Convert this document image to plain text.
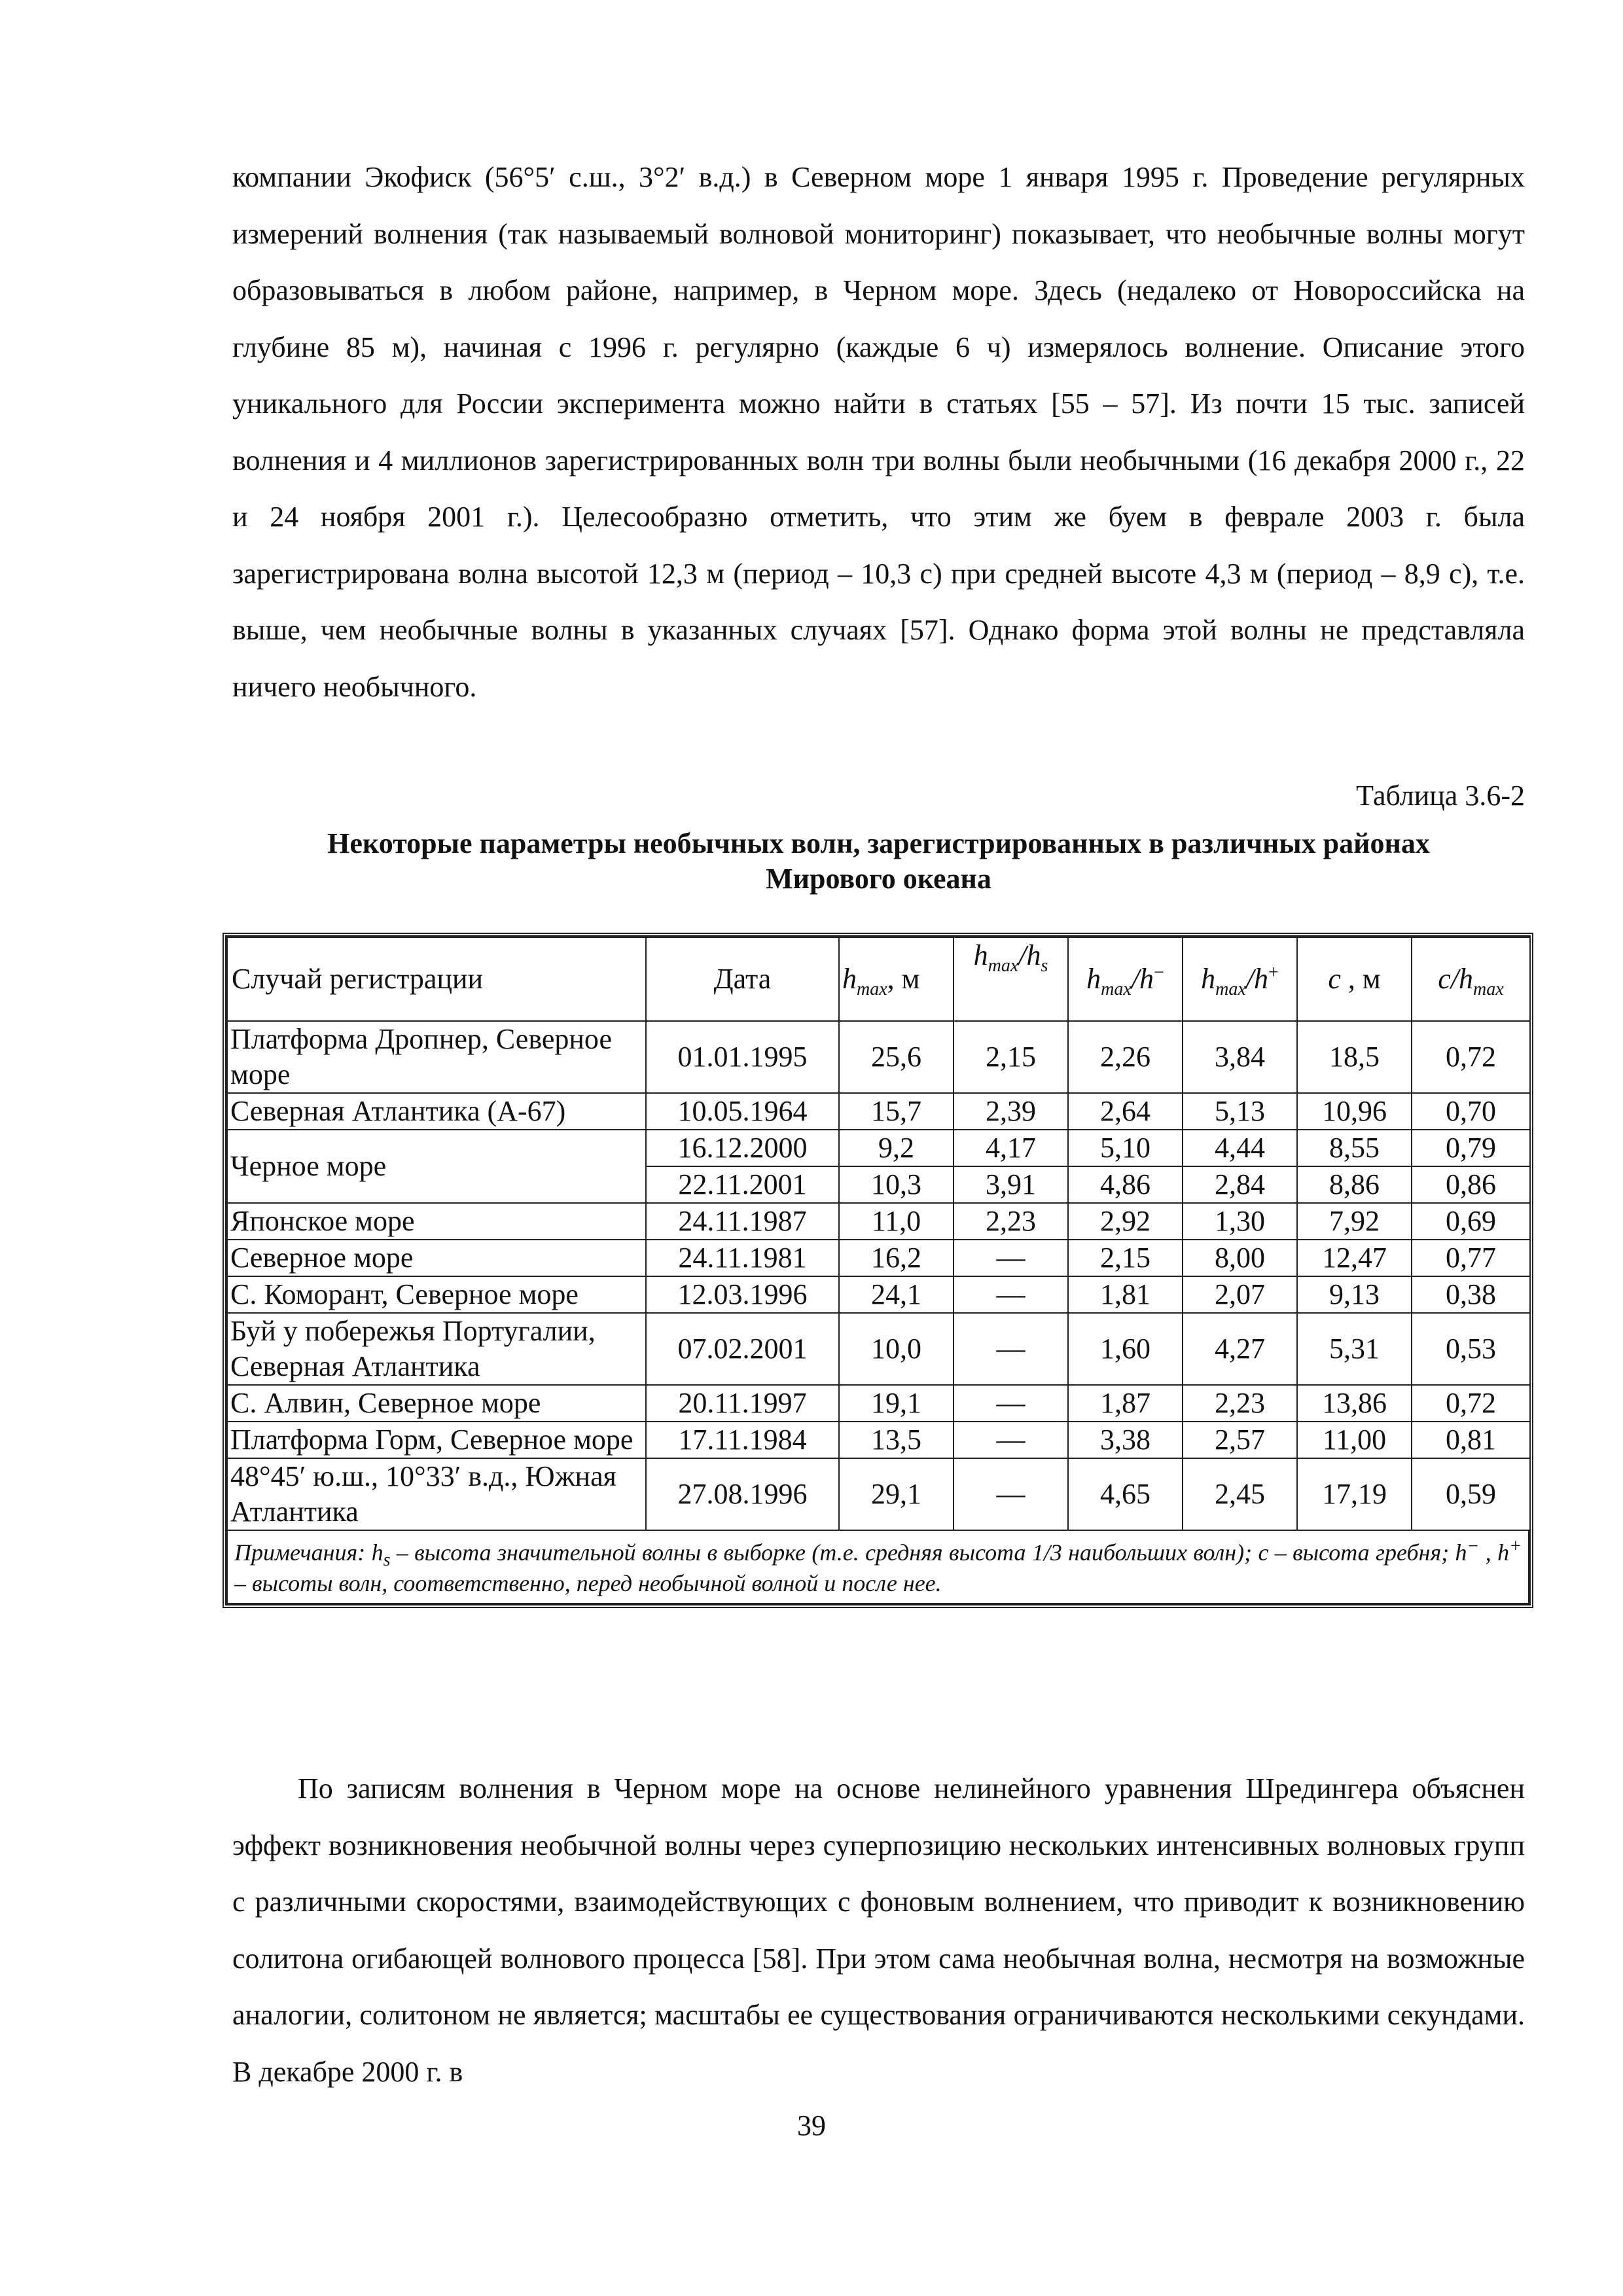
компании Экофиск (56°5′ с.ш., 3°2′ в.д.) в Северном море 1 января 1995 г. Проведение регулярных измерений волнения (так называемый волновой мониторинг) показывает, что необычные волны могут образовываться в любом районе, например, в Черном море. Здесь (недалеко от Новороссийска на глубине 85 м), начиная с 1996 г. регулярно (каждые 6 ч) измерялось волнение. Описание этого уникального для России эксперимента можно найти в статьях [55 – 57]. Из почти 15 тыс. записей волнения и 4 миллионов зарегистрированных волн три волны были необычными (16 декабря 2000 г., 22 и 24 ноября 2001 г.). Целесообразно отметить, что этим же буем в феврале 2003 г. была зарегистрирована волна высотой 12,3 м (период – 10,3 с) при средней высоте 4,3 м (период – 8,9 с), т.е. выше, чем необычные волны в указанных случаях [57]. Однако форма этой волны не представляла ничего необычного.

Таблица 3.6-2
Некоторые параметры необычных волн, зарегистрированных в различных районах
Мирового океана
Случай регистрации	Дата	$h_{max}$, м	$h_{max}/h_s$	$h_{max}/h^-$	$h_{max}/h^+$	c , м	$c/h_{max}$
Платформа Дропнер, Северное море	01.01.1995	25,6	2,15	2,26	3,84	18,5	0,72
Северная Атлантика (А-67)	10.05.1964	15,7	2,39	2,64	5,13	10,96	0,70
Черное море	16.12.2000	9,2	4,17	5,10	4,44	8,55	0,79
	22.11.2001	10,3	3,91	4,86	2,84	8,86	0,86
Японское море	24.11.1987	11,0	2,23	2,92	1,30	7,92	0,69
Северное море	24.11.1981	16,2	—	2,15	8,00	12,47	0,77
С. Коморант, Северное море	12.03.1996	24,1	—	1,81	2,07	9,13	0,38
Буй у побережья Португалии, Северная Атлантика	07.02.2001	10,0	—	1,60	4,27	5,31	0,53
С. Алвин, Северное море	20.11.1997	19,1	—	1,87	2,23	13,86	0,72
Платформа Горм, Северное море	17.11.1984	13,5	—	3,38	2,57	11,00	0,81
48°45′ ю.ш., 10°33′ в.д., Южная Атлантика	27.08.1996	29,1	—	4,65	2,45	17,19	0,59
Примечания: $h_s$ – высота значительной волны в выборке (т.е. средняя высота 1/3 наибольших волн); c – высота гребня; h− , h+ – высоты волн, соответственно, перед необычной волной и после нее.

По записям волнения в Черном море на основе нелинейного уравнения Шредингера объяснен эффект возникновения необычной волны через суперпозицию нескольких интенсивных волновых групп с различными скоростями, взаимодействующих с фоновым волнением, что приводит к возникновению солитона огибающей волнового процесса [58]. При этом сама необычная волна, несмотря на возможные аналогии, солитоном не является; масштабы ее существования ограничиваются несколькими секундами. В декабре 2000 г. в

39
